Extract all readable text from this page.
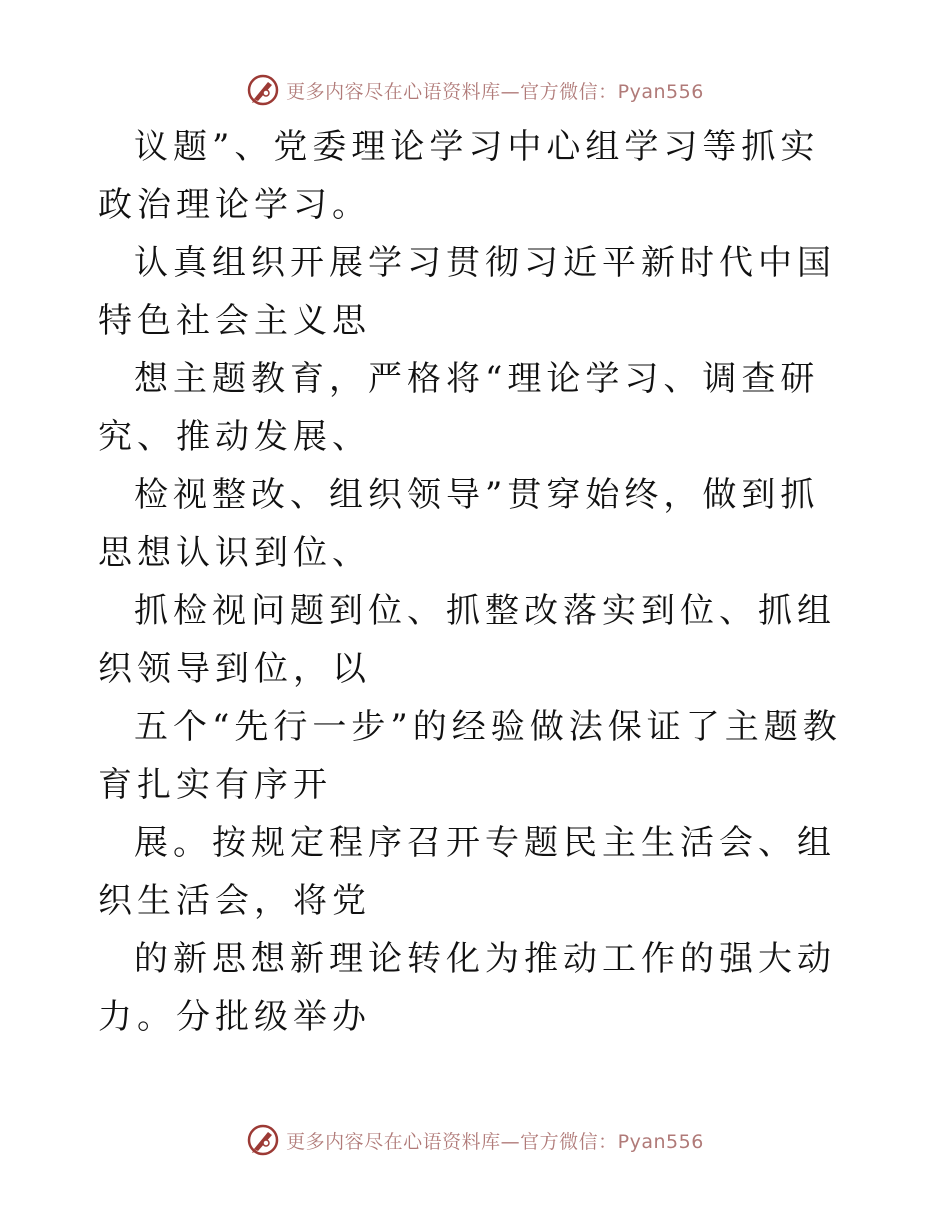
更多内容尽在心语资料库—官方微信：Pyan556

议题”、党委理论学习中心组学习等抓实政治理论学习。

认真组织开展学习贯彻习近平新时代中国特色社会主义思

想主题教育，严格将“理论学习、调查研究、推动发展、

检视整改、组织领导”贯穿始终，做到抓思想认识到位、

抓检视问题到位、抓整改落实到位、抓组织领导到位，以

五个“先行一步”的经验做法保证了主题教育扎实有序开

展。按规定程序召开专题民主生活会、组织生活会，将党

的新思想新理论转化为推动工作的强大动力。分批级举办

更多内容尽在心语资料库—官方微信：Pyan556
